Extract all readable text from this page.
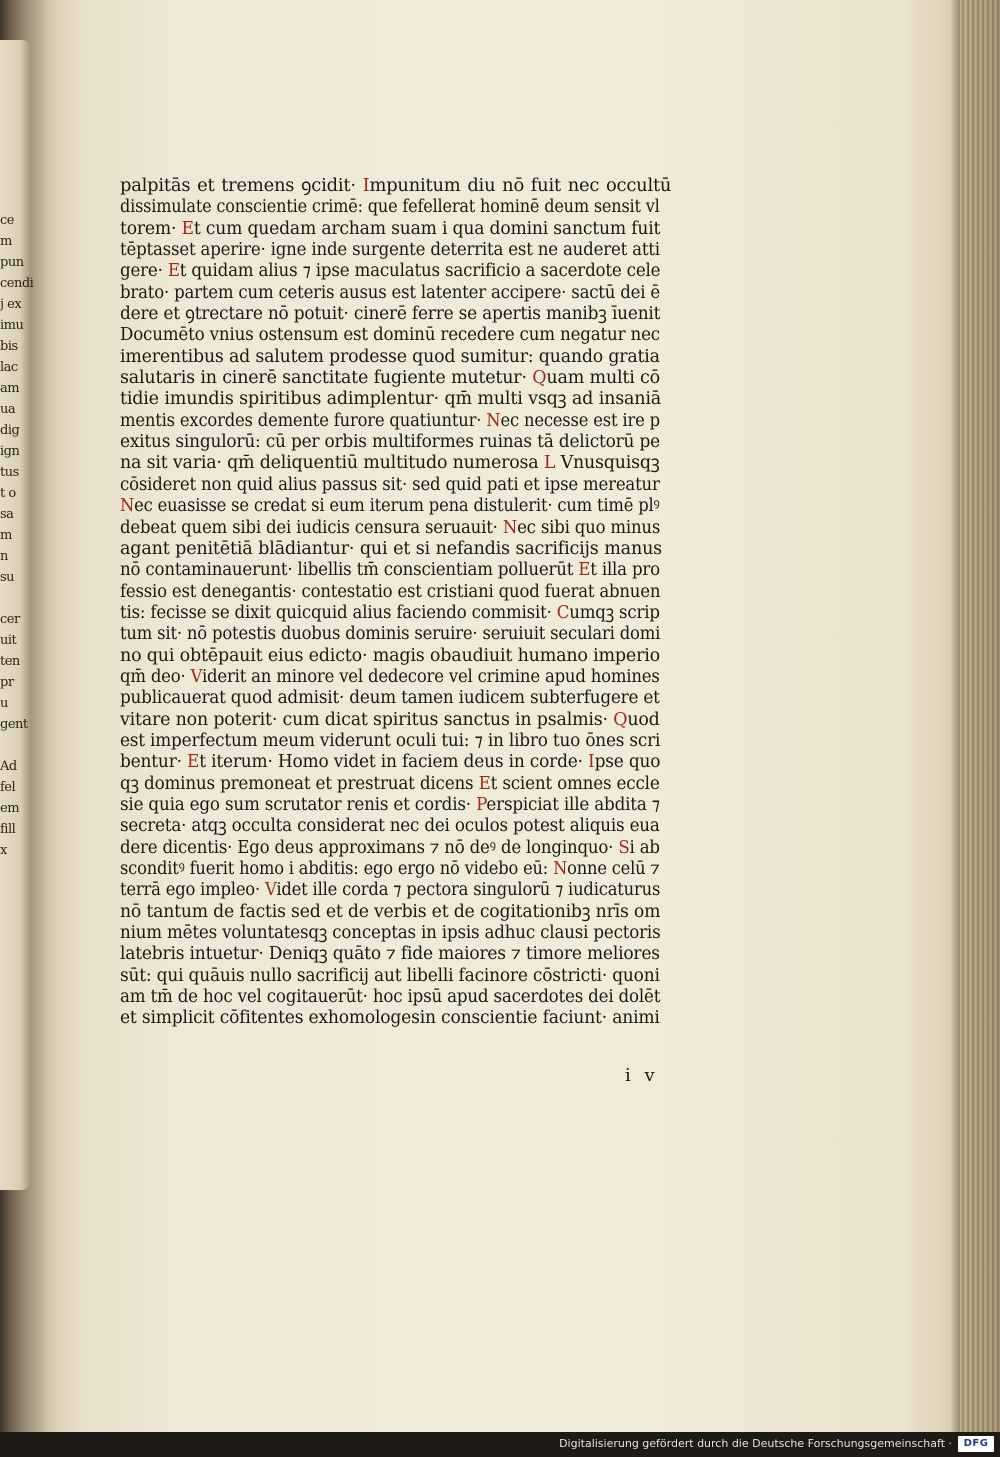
ce
m
pun
cendi
j ex
imu
bis
lac
am
ua
dig
ign
tus
t o
sa
m
n
su

cer
uit
ten
pr
u
gent

Ad
fel
em
fill
x
palpitās et tremens ꝯcidit· Impunitum diu nō fuit nec occultū
dissimulate conscientie crimē: que fefellerat hominē deum sensit vl
torem· Et cum quedam archam suam i qua domini sanctum fuit
tēptasset aperire· igne inde surgente deterrita est ne auderet atti
gere· Et quidam alius ⁊ ipse maculatus sacrificio a sacerdote cele
brato· partem cum ceteris ausus est latenter accipere· sactū dei ē
dere et ꝯtrectare nō potuit· cinerē ferre se apertis manibꝫ īuenit
Documēto vnius ostensum est dominū recedere cum negatur nec
imerentibus ad salutem prodesse quod sumitur: quando gratia
salutaris in cinerē sanctitate fugiente mutetur· Quam multi cō
tidie imundis spiritibus adimplentur· qm̄ multi vsqꝫ ad insaniā
mentis excordes demente furore quatiuntur· Nec necesse est ire p
exitus singulorū: cū per orbis multiformes ruinas tā delictorū pe
na sit varia· qm̄ deliquentiū multitudo numerosa L Vnusquisqꝫ
cōsideret non quid alius passus sit· sed quid pati et ipse mereatur
Nec euasisse se credat si eum iterum pena distulerit· cum timē plꝰ
debeat quem sibi dei iudicis censura seruauit· Nec sibi quo minus
agant penitētiā blādiantur· qui et si nefandis sacrificijs manus
nō contaminauerunt· libellis tm̄ conscientiam polluerūt Et illa pro
fessio est denegantis· contestatio est cristiani quod fuerat abnuen
tis: fecisse se dixit quicquid alius faciendo commisit· Cumqꝫ scrip
tum sit· nō potestis duobus dominis seruire· seruiuit seculari domi
no qui obtēpauit eius edicto· magis obaudiuit humano imperio
qm̄ deo· Viderit an minore vel dedecore vel crimine apud homines
publicauerat quod admisit· deum tamen iudicem subterfugere et
vitare non poterit· cum dicat spiritus sanctus in psalmis· Quod
est imperfectum meum viderunt oculi tui: ⁊ in libro tuo ōnes scri
bentur· Et iterum· Homo videt in faciem deus in corde· Ipse quo
qꝫ dominus premoneat et prestruat dicens Et scient omnes eccle
sie quia ego sum scrutator renis et cordis· Perspiciat ille abdita ⁊
secreta· atqꝫ occulta considerat nec dei oculos potest aliquis eua
dere dicentis· Ego deus approximans ⁊ nō deꝰ de longinquo· Si ab
sconditꝰ fuerit homo i abditis: ego ergo nō videbo eū: Nonne celū ⁊
terrā ego impleo· Videt ille corda ⁊ pectora singulorū ⁊ iudicaturus
nō tantum de factis sed et de verbis et de cogitationibꝫ nrīs om
nium mētes voluntatesqꝫ conceptas in ipsis adhuc clausi pectoris
latebris intuetur· Deniqꝫ quāto ⁊ fide maiores ⁊ timore meliores
sūt: qui quāuis nullo sacrificij aut libelli facinore cōstricti· quoni
am tm̄ de hoc vel cogitauerūt· hoc ipsū apud sacerdotes dei dolēt
et simplicit cōfitentes exhomologesin conscientie faciunt· animi
i v
Digitalisierung gefördert durch die Deutsche Forschungsgemeinschaft ·	DFG
